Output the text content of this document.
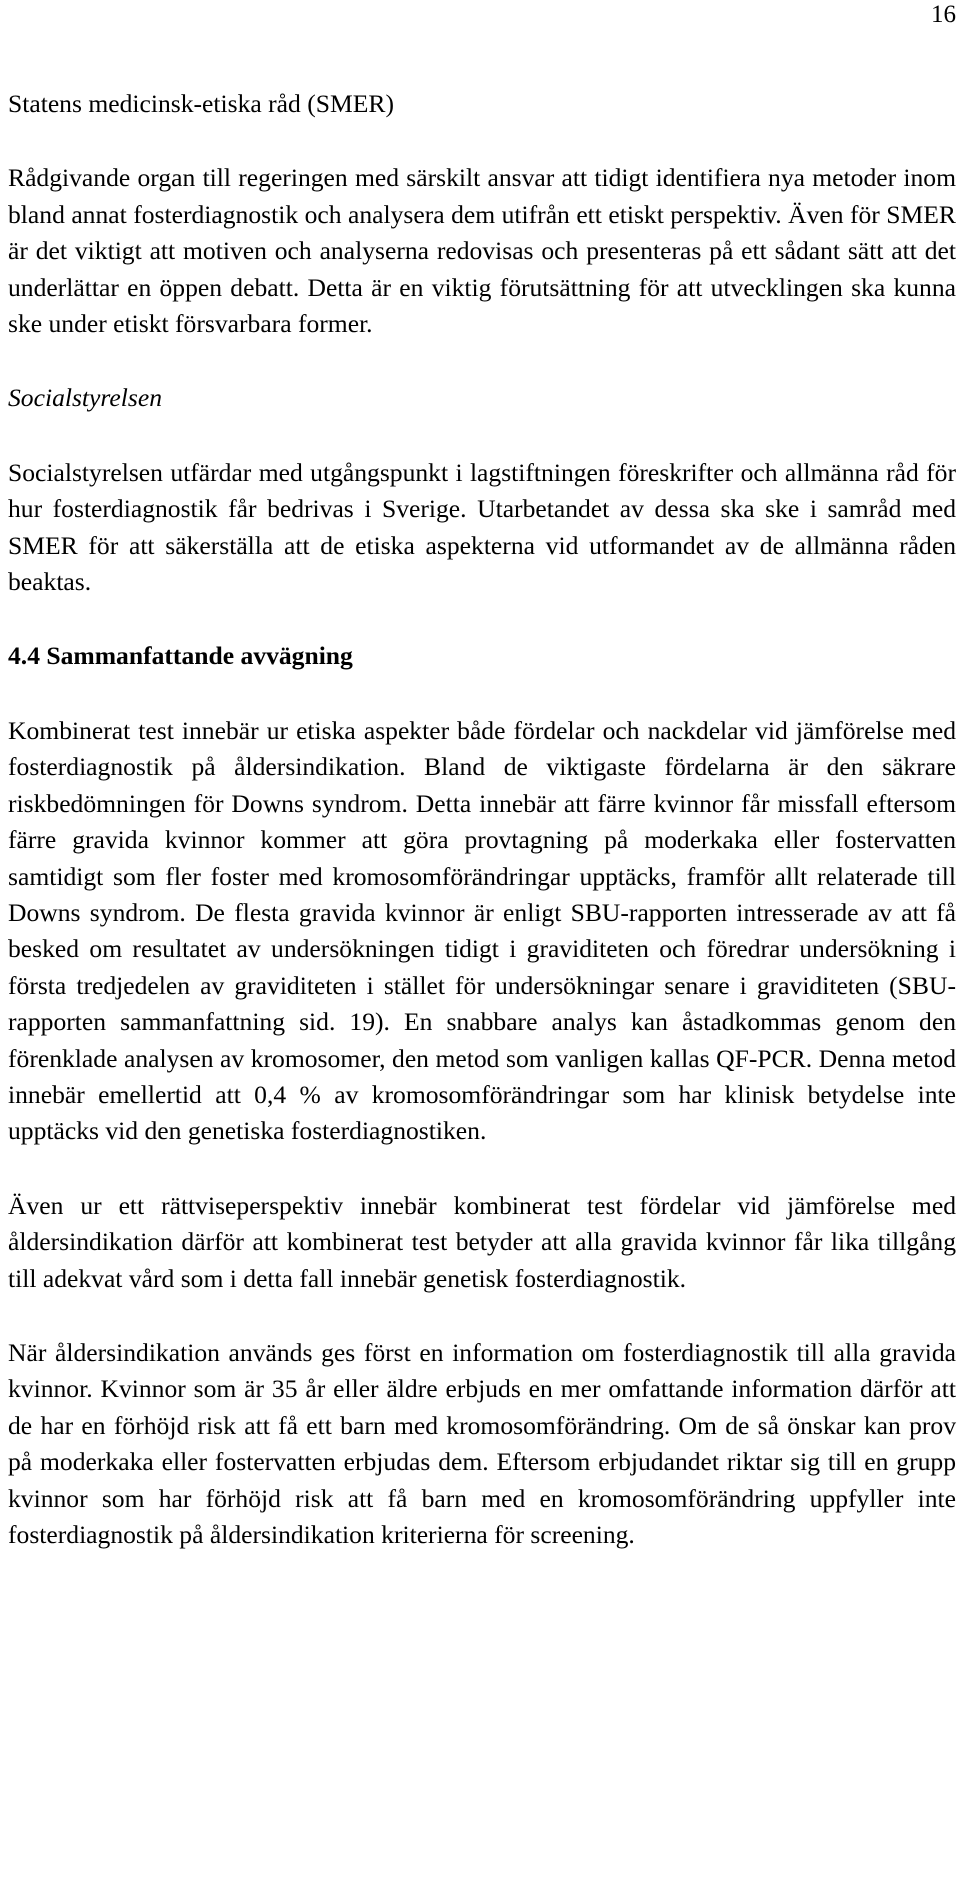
16
Statens medicinsk-etiska råd (SMER)

Rådgivande organ till regeringen med särskilt ansvar att tidigt identifiera nya metoder inom bland annat fosterdiagnostik och analysera dem utifrån ett etiskt perspektiv. Även för SMER är det viktigt att motiven och analyserna redovisas och presenteras på ett sådant sätt att det underlättar en öppen debatt. Detta är en viktig förutsättning för att utvecklingen ska kunna ske under etiskt försvarbara former.

Socialstyrelsen

Socialstyrelsen utfärdar med utgångspunkt i lagstiftningen föreskrifter och allmänna råd för hur fosterdiagnostik får bedrivas i Sverige. Utarbetandet av dessa ska ske i samråd med SMER för att säkerställa att de etiska aspekterna vid utformandet av de allmänna råden beaktas.

4.4 Sammanfattande avvägning

Kombinerat test innebär ur etiska aspekter både fördelar och nackdelar vid jämförelse med fosterdiagnostik på åldersindikation. Bland de viktigaste fördelarna är den säkrare riskbedömningen för Downs syndrom. Detta innebär att färre kvinnor får missfall eftersom färre gravida kvinnor kommer att göra provtagning på moderkaka eller fostervatten samtidigt som fler foster med kromosomförändringar upptäcks, framför allt relaterade till Downs syndrom. De flesta gravida kvinnor är enligt SBU-rapporten intresserade av att få besked om resultatet av undersökningen tidigt i graviditeten och föredrar undersökning i första tredjedelen av graviditeten i stället för undersökningar senare i graviditeten (SBU-rapporten sammanfattning sid. 19). En snabbare analys kan åstadkommas genom den förenklade analysen av kromosomer, den metod som vanligen kallas QF-PCR. Denna metod innebär emellertid att 0,4 % av kromosomförändringar som har klinisk betydelse inte upptäcks vid den genetiska fosterdiagnostiken.

Även ur ett rättviseperspektiv innebär kombinerat test fördelar vid jämförelse med åldersindikation därför att kombinerat test betyder att alla gravida kvinnor får lika tillgång till adekvat vård som i detta fall innebär genetisk fosterdiagnostik.

När åldersindikation används ges först en information om fosterdiagnostik till alla gravida kvinnor. Kvinnor som är 35 år eller äldre erbjuds en mer omfattande information därför att de har en förhöjd risk att få ett barn med kromosomförändring. Om de så önskar kan prov på moderkaka eller fostervatten erbjudas dem. Eftersom erbjudandet riktar sig till en grupp kvinnor som har förhöjd risk att få barn med en kromosomförändring uppfyller inte fosterdiagnostik på åldersindikation kriterierna för screening.
